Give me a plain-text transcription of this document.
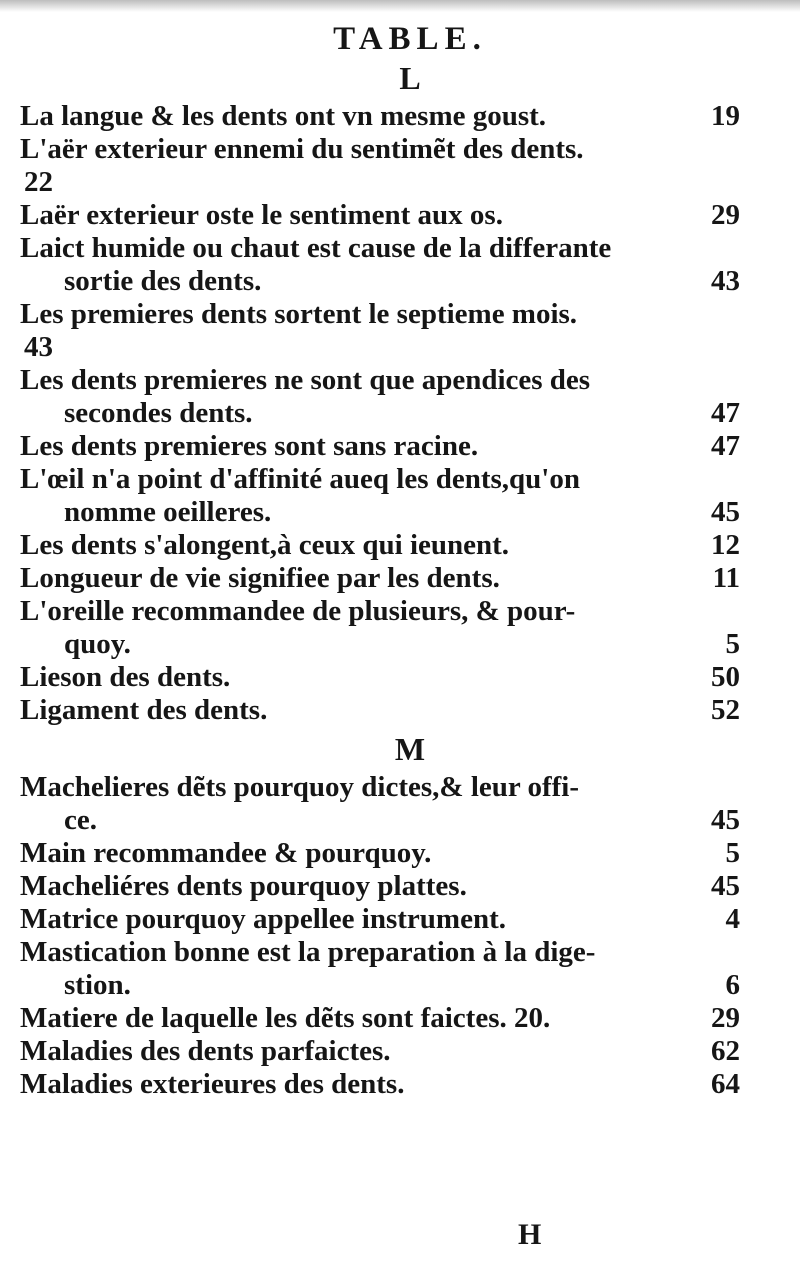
TABLE.
L
La langue & les dents ont vn mesme goust.	19
L'aër exterieur ennemi du sentimẽt des dents.
22
Laër exterieur oste le sentiment aux os.	29
Laict humide ou chaut est cause de la differante
sortie des dents.	43
Les premieres dents sortent le septieme mois.
43
Les dents premieres ne sont que apendices des
secondes dents.	47
Les dents premieres sont sans racine.	47
L'œil n'a point d'affinité aueq les dents,qu'on
nomme oeilleres.	45
Les dents s'alongent,à ceux qui ieunent.	12
Longueur de vie signifiee par les dents.	11
L'oreille recommandee de plusieurs, & pour-
quoy.	5
Lieson des dents.	50
Ligament des dents.	52
M
Machelieres dẽts pourquoy dictes,& leur offi-
ce.	45
Main recommandee & pourquoy.	5
Macheliéres dents pourquoy plattes.	45
Matrice pourquoy appellee instrument.	4
Mastication bonne est la preparation à la dige-
stion.	6
Matiere de laquelle les dẽts sont faictes. 20.	29
Maladies des dents parfaictes.	62
Maladies exterieures des dents.	64
H
